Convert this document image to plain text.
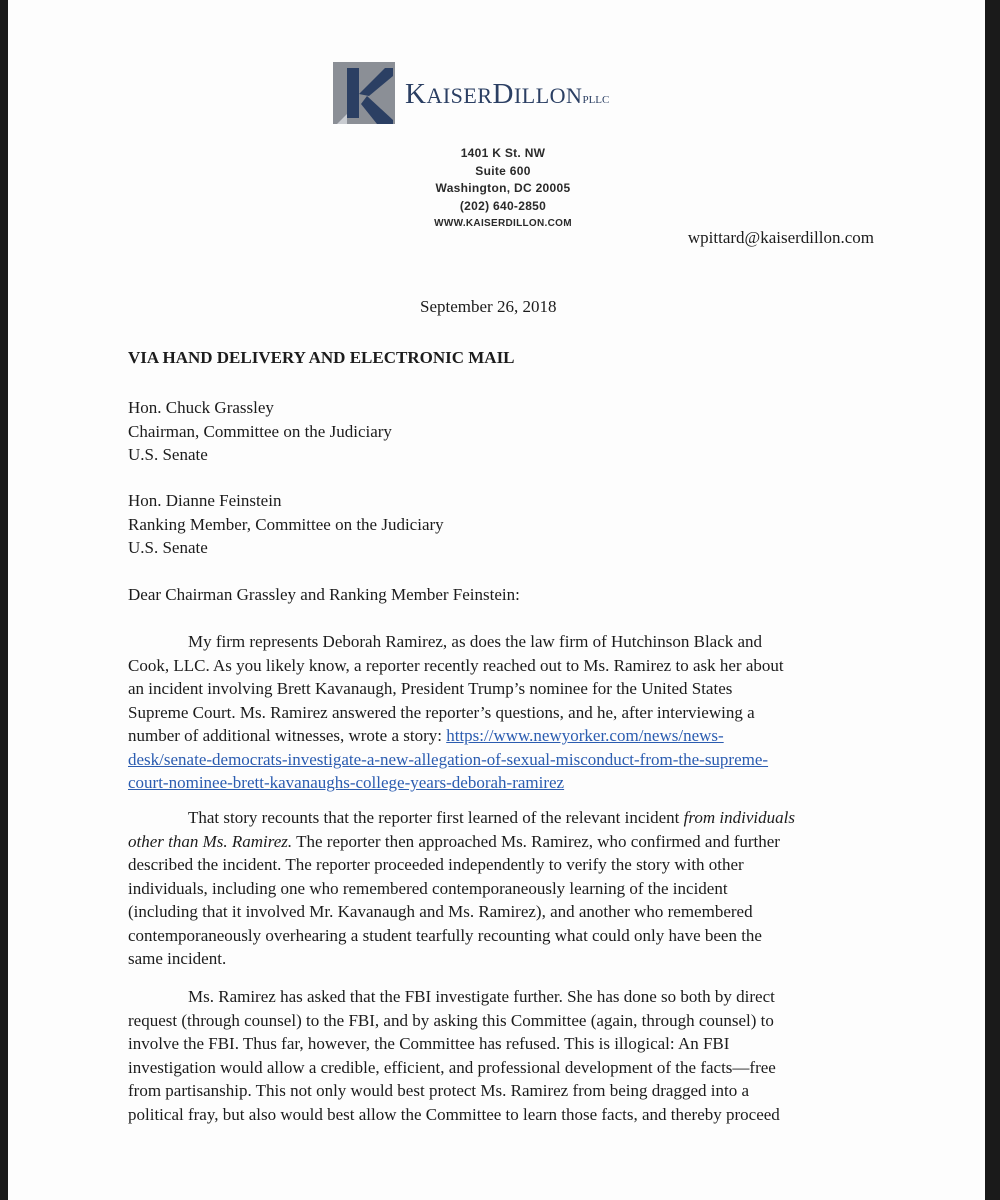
KAISERDILLONPLLC
1401 K St. NW
Suite 600
Washington, DC 20005
(202) 640-2850
WWW.KAISERDILLON.COM
wpittard@kaiserdillon.com
September 26, 2018
VIA HAND DELIVERY AND ELECTRONIC MAIL
Hon. Chuck Grassley
Chairman, Committee on the Judiciary
U.S. Senate
Hon. Dianne Feinstein
Ranking Member, Committee on the Judiciary
U.S. Senate
Dear Chairman Grassley and Ranking Member Feinstein:
My firm represents Deborah Ramirez, as does the law firm of Hutchinson Black and
Cook, LLC. As you likely know, a reporter recently reached out to Ms. Ramirez to ask her about
an incident involving Brett Kavanaugh, President Trump’s nominee for the United States
Supreme Court. Ms. Ramirez answered the reporter’s questions, and he, after interviewing a
number of additional witnesses, wrote a story: https://www.newyorker.com/news/news-
desk/senate-democrats-investigate-a-new-allegation-of-sexual-misconduct-from-the-supreme-
court-nominee-brett-kavanaughs-college-years-deborah-ramirez
That story recounts that the reporter first learned of the relevant incident from individuals
other than Ms. Ramirez. The reporter then approached Ms. Ramirez, who confirmed and further
described the incident. The reporter proceeded independently to verify the story with other
individuals, including one who remembered contemporaneously learning of the incident
(including that it involved Mr. Kavanaugh and Ms. Ramirez), and another who remembered
contemporaneously overhearing a student tearfully recounting what could only have been the
same incident.
Ms. Ramirez has asked that the FBI investigate further. She has done so both by direct
request (through counsel) to the FBI, and by asking this Committee (again, through counsel) to
involve the FBI. Thus far, however, the Committee has refused. This is illogical: An FBI
investigation would allow a credible, efficient, and professional development of the facts—free
from partisanship. This not only would best protect Ms. Ramirez from being dragged into a
political fray, but also would best allow the Committee to learn those facts, and thereby proceed
